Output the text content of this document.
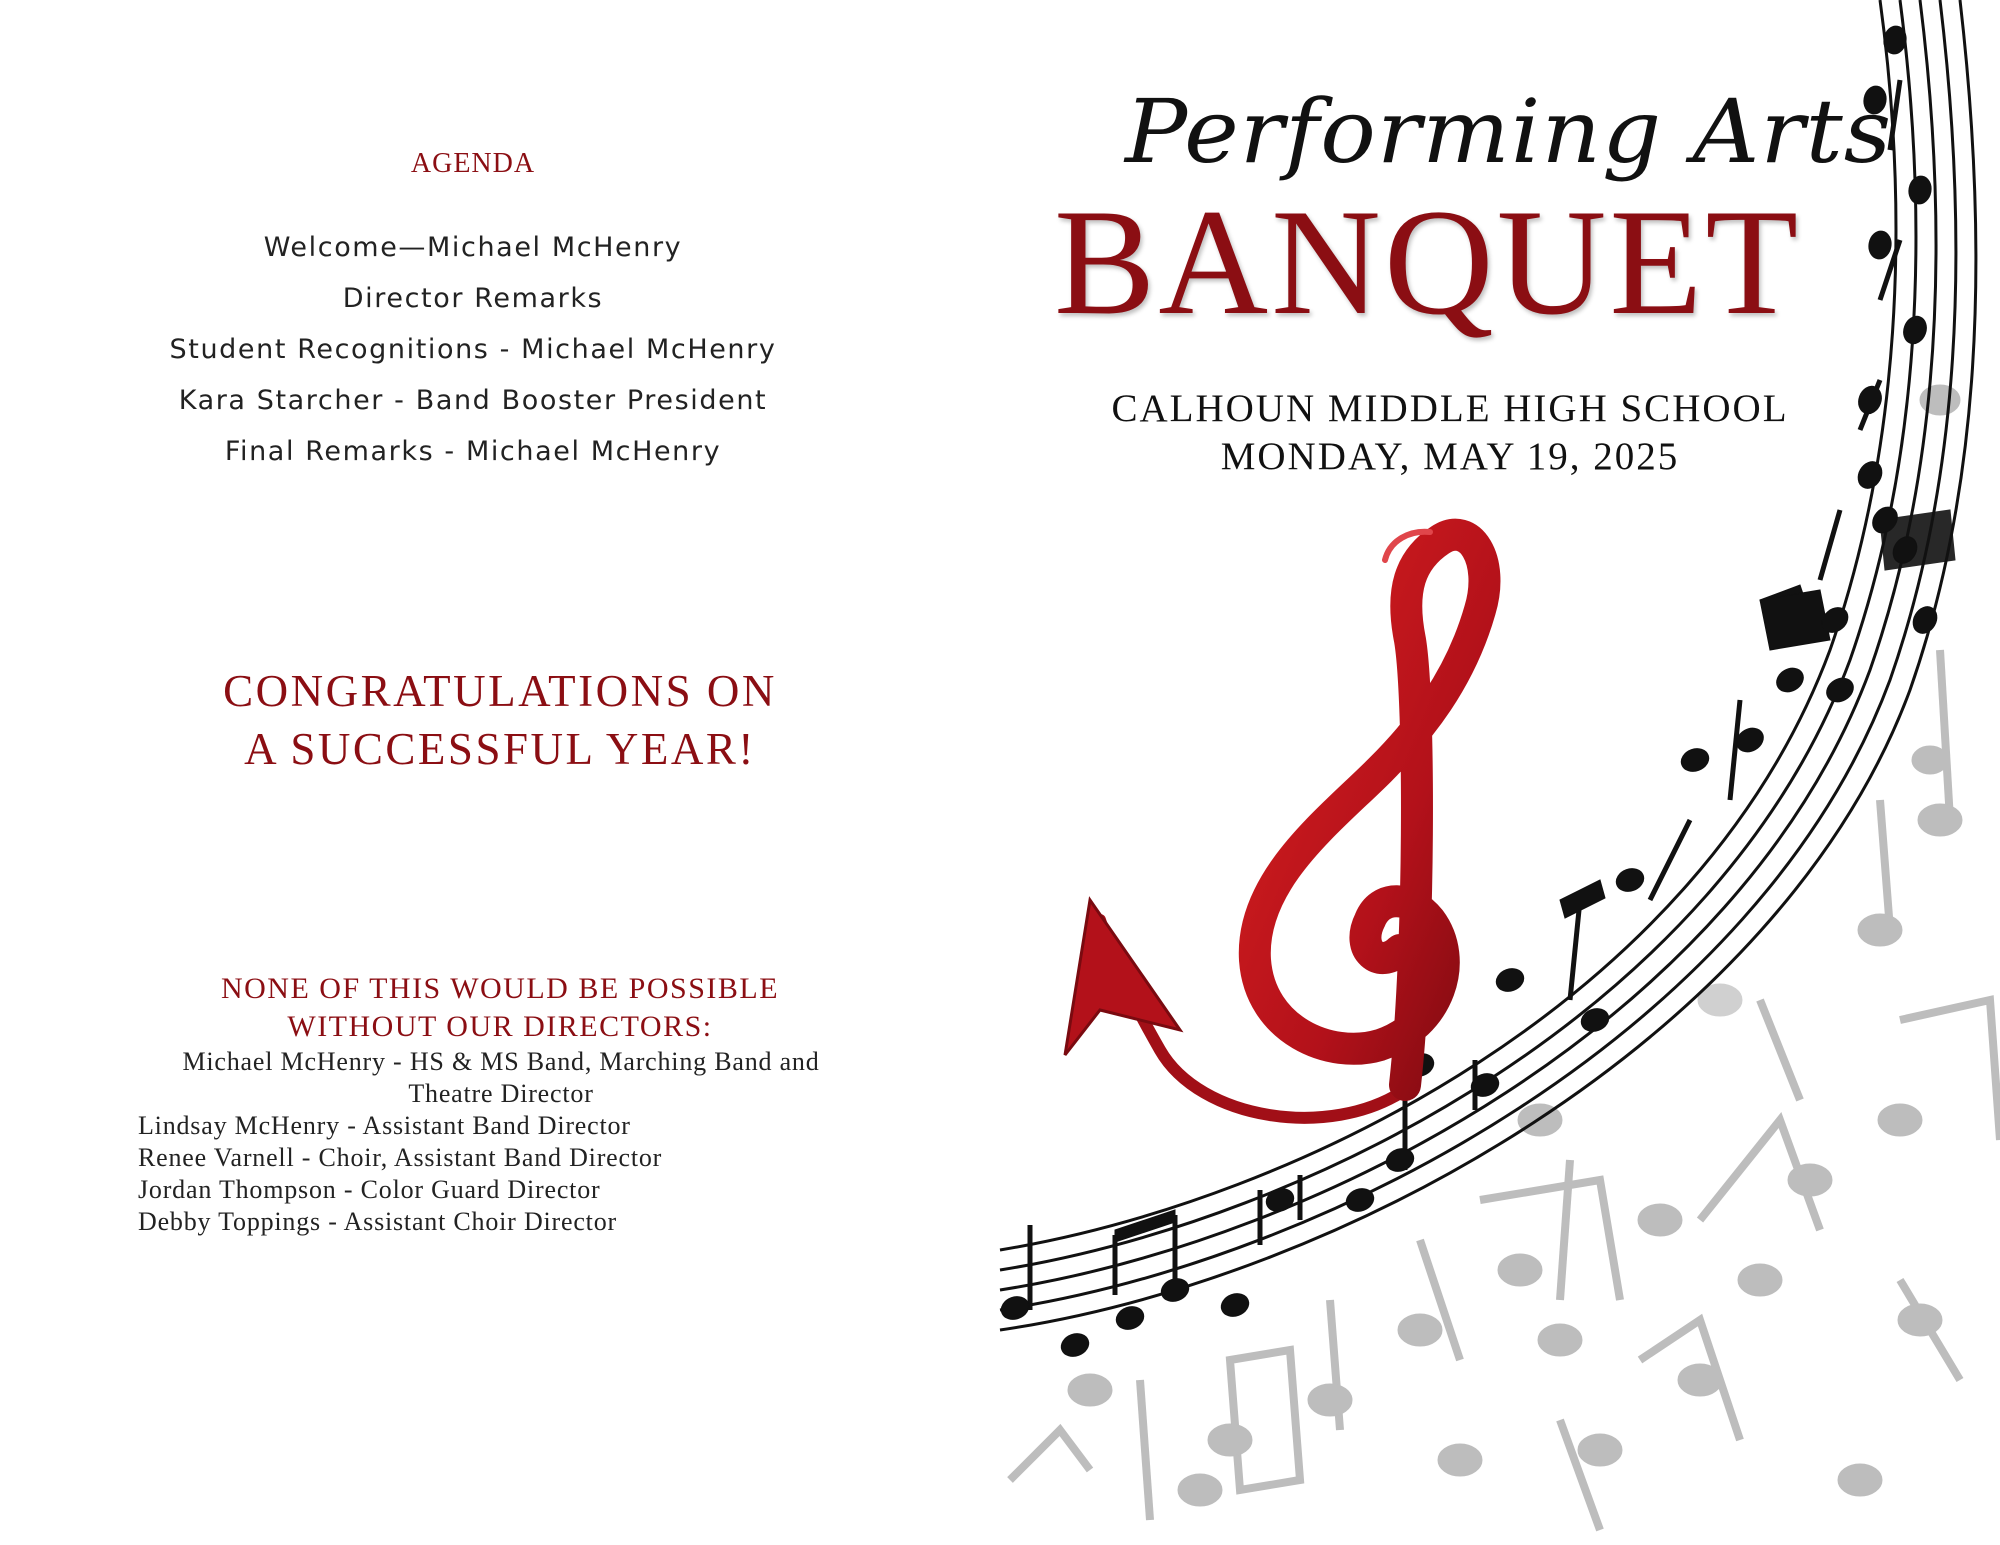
AGENDA
Welcome—Michael McHenry
Director Remarks
Student Recognitions - Michael McHenry
Kara Starcher - Band Booster President
Final Remarks - Michael McHenry
CONGRATULATIONS ON
A SUCCESSFUL YEAR!
NONE OF THIS WOULD BE POSSIBLE
WITHOUT OUR DIRECTORS:
Michael McHenry - HS & MS Band, Marching Band and Theatre Director
Lindsay McHenry - Assistant Band Director
Renee Varnell - Choir, Assistant Band Director
Jordan Thompson - Color Guard Director
Debby Toppings - Assistant Choir Director
Performing Arts
BANQUET
CALHOUN MIDDLE HIGH SCHOOL
MONDAY, MAY 19, 2025
